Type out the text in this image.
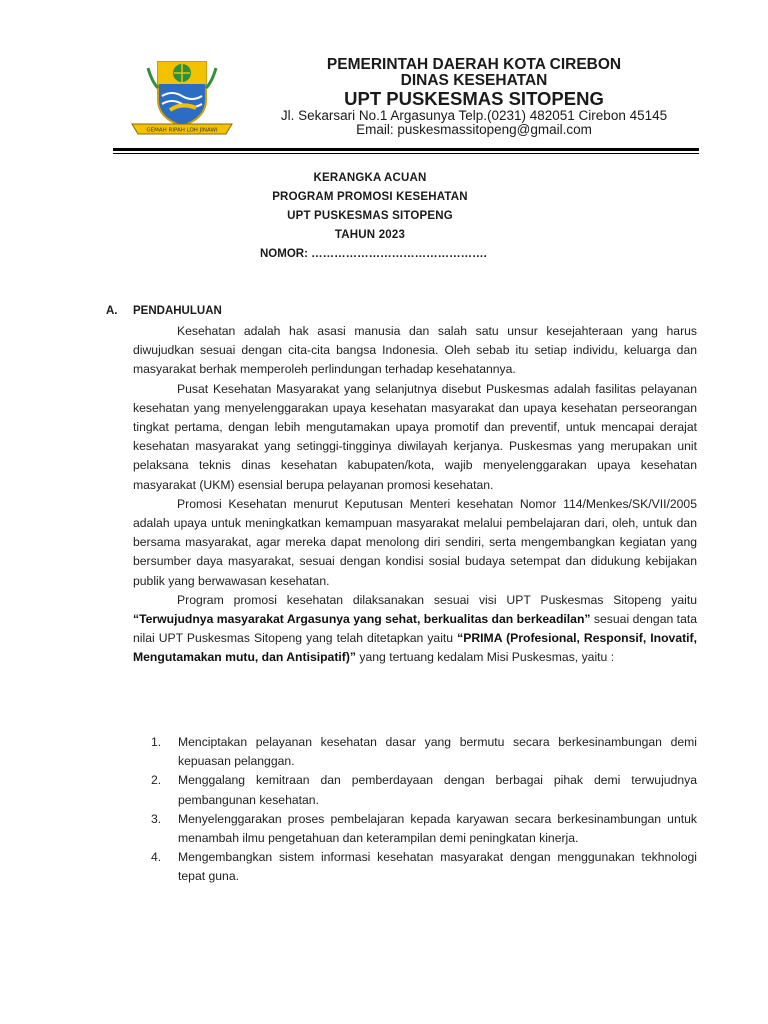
GEMAH RIPAH LOH JINAWI
PEMERINTAH DAERAH KOTA CIREBON
DINAS KESEHATAN
UPT PUSKESMAS SITOPENG
Jl. Sekarsari No.1 Argasunya Telp.(0231) 482051 Cirebon 45145
Email: puskesmassitopeng@gmail.com
KERANGKA ACUAN
PROGRAM PROMOSI KESEHATAN
UPT PUSKESMAS SITOPENG
TAHUN 2023
NOMOR: ……………………………………….
A. PENDAHULUAN

Kesehatan adalah hak asasi manusia dan salah satu unsur kesejahteraan yang harus diwujudkan sesuai dengan cita-cita bangsa Indonesia. Oleh sebab itu setiap individu, keluarga dan masyarakat berhak memperoleh perlindungan terhadap kesehatannya.

Pusat Kesehatan Masyarakat yang selanjutnya disebut Puskesmas adalah fasilitas pelayanan kesehatan yang menyelenggarakan upaya kesehatan masyarakat dan upaya kesehatan perseorangan tingkat pertama, dengan lebih mengutamakan upaya promotif dan preventif, untuk mencapai derajat kesehatan masyarakat yang setinggi-tingginya diwilayah kerjanya. Puskesmas yang merupakan unit pelaksana teknis dinas kesehatan kabupaten/kota, wajib menyelenggarakan upaya kesehatan masyarakat (UKM) esensial berupa pelayanan promosi kesehatan.

Promosi Kesehatan menurut Keputusan Menteri kesehatan Nomor 114/Menkes/SK/VII/2005 adalah upaya untuk meningkatkan kemampuan masyarakat melalui pembelajaran dari, oleh, untuk dan bersama masyarakat, agar mereka dapat menolong diri sendiri, serta mengembangkan kegiatan yang bersumber daya masyarakat, sesuai dengan kondisi sosial budaya setempat dan didukung kebijakan publik yang berwawasan kesehatan.

Program promosi kesehatan dilaksanakan sesuai visi UPT Puskesmas Sitopeng yaitu “Terwujudnya masyarakat Argasunya yang sehat, berkualitas dan berkeadilan” sesuai dengan tata nilai UPT Puskesmas Sitopeng yang telah ditetapkan yaitu “PRIMA (Profesional, Responsif, Inovatif, Mengutamakan mutu, dan Antisipatif)” yang tertuang kedalam Misi Puskesmas, yaitu :

1. Menciptakan pelayanan kesehatan dasar yang bermutu secara berkesinambungan demi kepuasan pelanggan.
2. Menggalang kemitraan dan pemberdayaan dengan berbagai pihak demi terwujudnya pembangunan kesehatan.
3. Menyelenggarakan proses pembelajaran kepada karyawan secara berkesinambungan untuk menambah ilmu pengetahuan dan keterampilan demi peningkatan kinerja.
4. Mengembangkan sistem informasi kesehatan masyarakat dengan menggunakan tekhnologi tepat guna.
